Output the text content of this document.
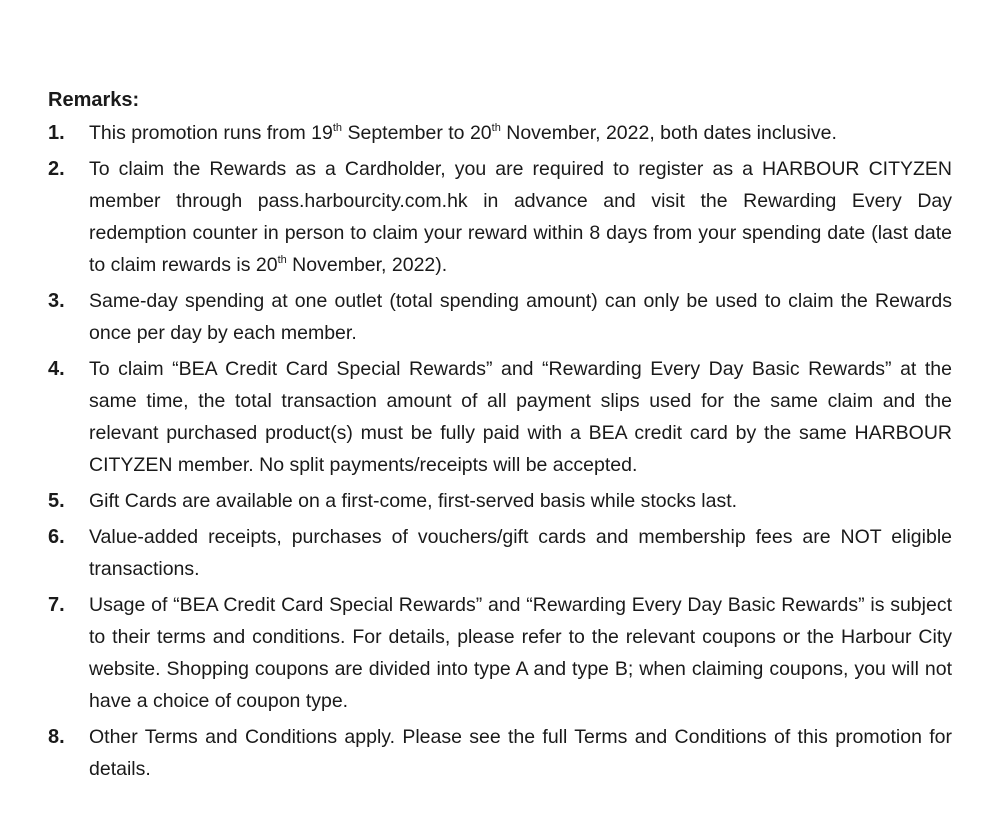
Remarks:
1.	This promotion runs from 19th September to 20th November, 2022, both dates inclusive.
2.	To claim the Rewards as a Cardholder, you are required to register as a HARBOUR CITYZEN member through pass.harbourcity.com.hk in advance and visit the Rewarding Every Day redemption counter in person to claim your reward within 8 days from your spending date (last date to claim rewards is 20th November, 2022).
3.	Same-day spending at one outlet (total spending amount) can only be used to claim the Rewards once per day by each member.
4.	To claim “BEA Credit Card Special Rewards” and “Rewarding Every Day Basic Rewards” at the same time, the total transaction amount of all payment slips used for the same claim and the relevant purchased product(s) must be fully paid with a BEA credit card by the same HARBOUR CITYZEN member. No split payments/receipts will be accepted.
5.	Gift Cards are available on a first-come, first-served basis while stocks last.
6.	Value-added receipts, purchases of vouchers/gift cards and membership fees are NOT eligible transactions.
7.	Usage of “BEA Credit Card Special Rewards” and “Rewarding Every Day Basic Rewards” is subject to their terms and conditions. For details, please refer to the relevant coupons or the Harbour City website. Shopping coupons are divided into type A and type B; when claiming coupons, you will not have a choice of coupon type.
8.	Other Terms and Conditions apply. Please see the full Terms and Conditions of this promotion for details.
